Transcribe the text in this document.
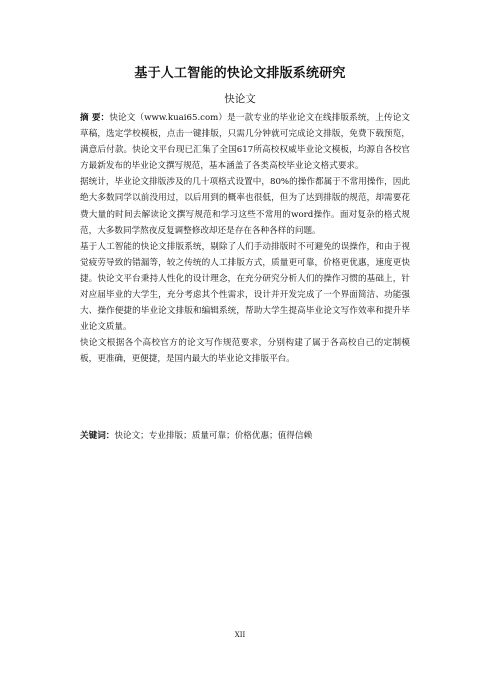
基于人工智能的快论文排版系统研究
快论文

摘 要：快论文（www.kuai65.com）是一款专业的毕业论文在线排版系统，上传论文草稿，选定学校模板，点击一键排版，只需几分钟就可完成论文排版，免费下载预览，满意后付款。快论文平台现已汇集了全国617所高校权威毕业论文模板，均源自各校官方最新发布的毕业论文撰写规范，基本涵盖了各类高校毕业论文格式要求。

据统计，毕业论文排版涉及的几十项格式设置中，80%的操作都属于不常用操作，因此绝大多数同学以前没用过，以后用到的概率也很低，但为了达到排版的规范，却需要花费大量的时间去解读论文撰写规范和学习这些不常用的word操作。面对复杂的格式规范，大多数同学熬夜反复调整修改却还是存在各种各样的问题。

基于人工智能的快论文排版系统，剔除了人们手动排版时不可避免的误操作，和由于视觉疲劳导致的错漏等，较之传统的人工排版方式，质量更可靠，价格更优惠，速度更快捷。快论文平台秉持人性化的设计理念，在充分研究分析人们的操作习惯的基础上，针对应届毕业的大学生，充分考虑其个性需求，设计并开发完成了一个界面简洁、功能强大、操作便捷的毕业论文排版和编辑系统，帮助大学生提高毕业论文写作效率和提升毕业论文质量。

快论文根据各个高校官方的论文写作规范要求，分别构建了属于各高校自己的定制模板，更准确，更便捷，是国内最大的毕业论文排版平台。

关键词：快论文；专业排版；质量可靠；价格优惠；值得信赖
XII
